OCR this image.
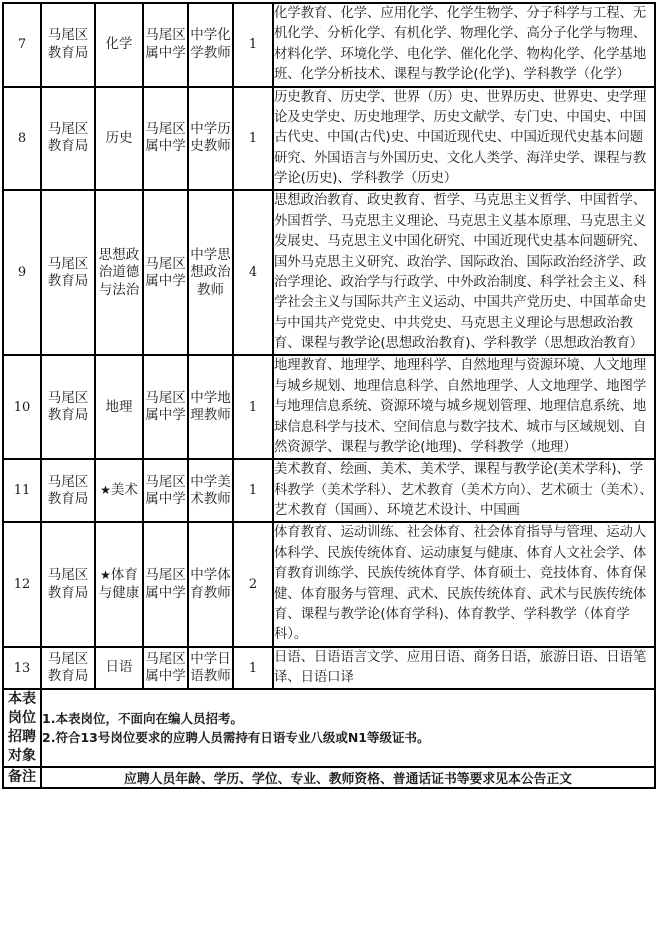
7	马尾区教育局	化学	马尾区属中学	中学化学教师	1	化学教育、化学、应用化学、化学生物学、分子科学与工程、无机化学、分析化学、有机化学、物理化学、高分子化学与物理、材料化学、环境化学、电化学、催化化学、物构化学、化学基地班、化学分析技术、课程与教学论(化学)、学科教学（化学）
8	马尾区教育局	历史	马尾区属中学	中学历史教师	1	历史教育、历史学、世界（历）史、世界历史、世界史、史学理论及史学史、历史地理学、历史文献学、专门史、中国史、中国古代史、中国(古代)史、中国近现代史、中国近现代史基本问题研究、外国语言与外国历史、文化人类学、海洋史学、课程与教学论(历史)、学科教学（历史）
9	马尾区教育局	思想政治道德与法治	马尾区属中学	中学思想政治教师	4	思想政治教育、政史教育、哲学、马克思主义哲学、中国哲学、外国哲学、马克思主义理论、马克思主义基本原理、马克思主义发展史、马克思主义中国化研究、中国近现代史基本问题研究、国外马克思主义研究、政治学、国际政治、国际政治经济学、政治学理论、政治学与行政学、中外政治制度、科学社会主义、科学社会主义与国际共产主义运动、中国共产党历史、中国革命史与中国共产党党史、中共党史、马克思主义理论与思想政治教育、课程与教学论(思想政治教育)、学科教学（思想政治教育）
10	马尾区教育局	地理	马尾区属中学	中学地理教师	1	地理教育、地理学、地理科学、自然地理与资源环境、人文地理与城乡规划、地理信息科学、自然地理学、人文地理学、地图学与地理信息系统、资源环境与城乡规划管理、地理信息系统、地球信息科学与技术、空间信息与数字技术、城市与区域规划、自然资源学、课程与教学论(地理)、学科教学（地理）
11	马尾区教育局	★美术	马尾区属中学	中学美术教师	1	美术教育、绘画、美术、美术学、课程与教学论(美术学科)、学科教学（美术学科）、艺术教育（美术方向）、艺术硕士（美术）、艺术教育（国画）、环境艺术设计、中国画
12	马尾区教育局	★体育与健康	马尾区属中学	中学体育教师	2	体育教育、运动训练、社会体育、社会体育指导与管理、运动人体科学、民族传统体育、运动康复与健康、体育人文社会学、体育教育训练学、民族传统体育学、体育硕士、竞技体育、体育保健、体育服务与管理、武术、民族传统体育、武术与民族传统体育、课程与教学论(体育学科)、体育教学、学科教学（体育学科）。
13	马尾区教育局	日语	马尾区属中学	中学日语教师	1	日语、日语语言文学、应用日语、商务日语，旅游日语、日语笔译、日语口译
本表岗位招聘对象	1.本表岗位，不面向在编人员招考。
2.符合13号岗位要求的应聘人员需持有日语专业八级或N1等级证书。					

备注	应聘人员年龄、学历、学位、专业、教师资格、普通话证书等要求见本公告正文					
